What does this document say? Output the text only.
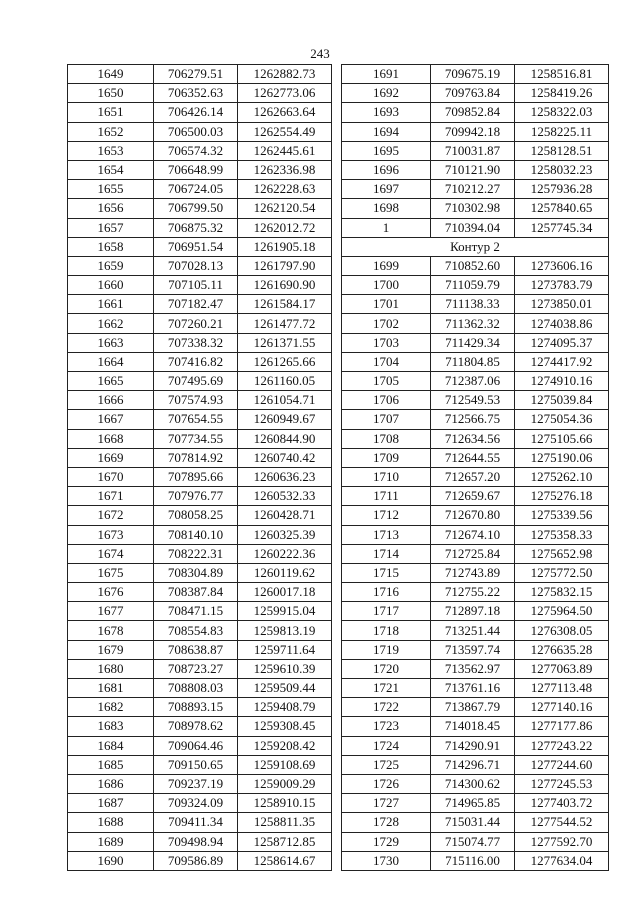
243
1649	706279.51	1262882.73
1650	706352.63	1262773.06
1651	706426.14	1262663.64
1652	706500.03	1262554.49
1653	706574.32	1262445.61
1654	706648.99	1262336.98
1655	706724.05	1262228.63
1656	706799.50	1262120.54
1657	706875.32	1262012.72
1658	706951.54	1261905.18
1659	707028.13	1261797.90
1660	707105.11	1261690.90
1661	707182.47	1261584.17
1662	707260.21	1261477.72
1663	707338.32	1261371.55
1664	707416.82	1261265.66
1665	707495.69	1261160.05
1666	707574.93	1261054.71
1667	707654.55	1260949.67
1668	707734.55	1260844.90
1669	707814.92	1260740.42
1670	707895.66	1260636.23
1671	707976.77	1260532.33
1672	708058.25	1260428.71
1673	708140.10	1260325.39
1674	708222.31	1260222.36
1675	708304.89	1260119.62
1676	708387.84	1260017.18
1677	708471.15	1259915.04
1678	708554.83	1259813.19
1679	708638.87	1259711.64
1680	708723.27	1259610.39
1681	708808.03	1259509.44
1682	708893.15	1259408.79
1683	708978.62	1259308.45
1684	709064.46	1259208.42
1685	709150.65	1259108.69
1686	709237.19	1259009.29
1687	709324.09	1258910.15
1688	709411.34	1258811.35
1689	709498.94	1258712.85
1690	709586.89	1258614.67
1691	709675.19	1258516.81
1692	709763.84	1258419.26
1693	709852.84	1258322.03
1694	709942.18	1258225.11
1695	710031.87	1258128.51
1696	710121.90	1258032.23
1697	710212.27	1257936.28
1698	710302.98	1257840.65
1	710394.04	1257745.34
Контур 2		
1699	710852.60	1273606.16
1700	711059.79	1273783.79
1701	711138.33	1273850.01
1702	711362.32	1274038.86
1703	711429.34	1274095.37
1704	711804.85	1274417.92
1705	712387.06	1274910.16
1706	712549.53	1275039.84
1707	712566.75	1275054.36
1708	712634.56	1275105.66
1709	712644.55	1275190.06
1710	712657.20	1275262.10
1711	712659.67	1275276.18
1712	712670.80	1275339.56
1713	712674.10	1275358.33
1714	712725.84	1275652.98
1715	712743.89	1275772.50
1716	712755.22	1275832.15
1717	712897.18	1275964.50
1718	713251.44	1276308.05
1719	713597.74	1276635.28
1720	713562.97	1277063.89
1721	713761.16	1277113.48
1722	713867.79	1277140.16
1723	714018.45	1277177.86
1724	714290.91	1277243.22
1725	714296.71	1277244.60
1726	714300.62	1277245.53
1727	714965.85	1277403.72
1728	715031.44	1277544.52
1729	715074.77	1277592.70
1730	715116.00	1277634.04
